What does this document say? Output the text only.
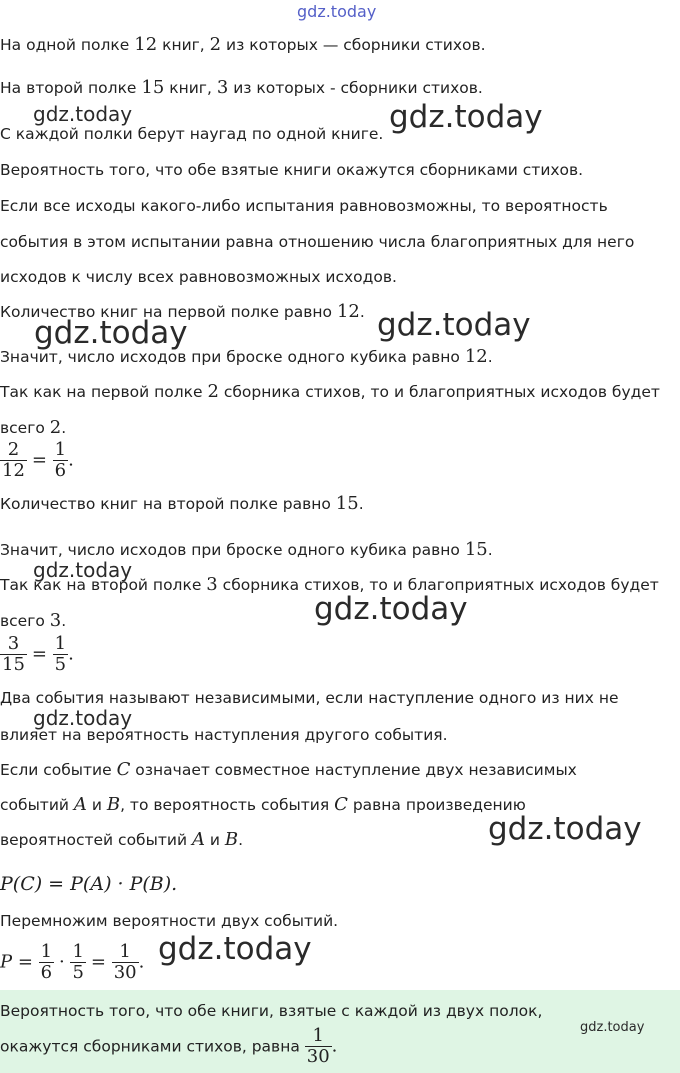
gdz.today
На одной полке 12 книг, 2 из которых — сборники стихов.
На второй полке 15 книг, 3 из которых - сборники стихов.
С каждой полки берут наугад по одной книге.
Вероятность того, что обе взятые книги окажутся сборниками стихов.
Если все исходы какого-либо испытания равновозможны, то вероятность
события в этом испытании равна отношению числа благоприятных для него
исходов к числу всех равновозможных исходов.
Количество книг на первой полке равно 12.
Значит, число исходов при броске одного кубика равно 12.
Так как на первой полке 2 сборника стихов, то и благоприятных исходов будет
всего 2.
$\frac{2}{12} = \frac{1}{6}$ .
Количество книг на второй полке равно 15.
Значит, число исходов при броске одного кубика равно 15.
Так как на второй полке 3 сборника стихов, то и благоприятных исходов будет
всего 3.
$\frac{3}{15} = \frac{1}{5}$ .
Два события называют независимыми, если наступление одного из них не
влияет на вероятность наступления другого события.
Если событие C означает совместное наступление двух независимых
событий A и B, то вероятность события C равна произведению
вероятностей событий A и B.
P(C) = P(A) · P(B).
Перемножим вероятности двух событий.
$P = \frac{1}{6} \cdot \frac{1}{5} = \frac{1}{30}$ .
Вероятность того, что обе книги, взятые с каждой из двух полок,
окажутся сборниками стихов, равна $\frac{1}{30}$ .
gdz.today	gdz.today
gdz.today	gdz.today
gdz.today
gdz.today
gdz.today
gdz.today
gdz.today
gdz.today
